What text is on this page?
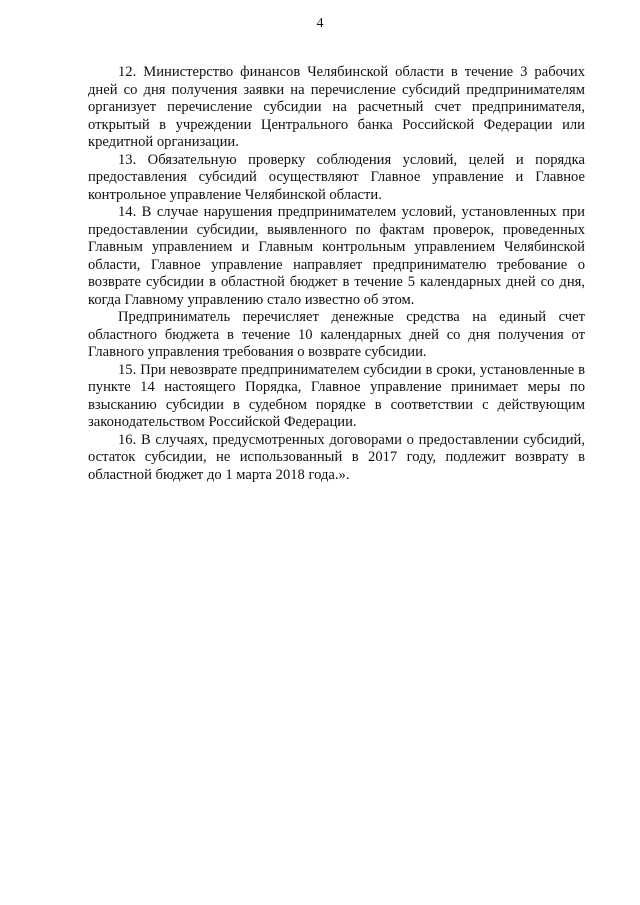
4

12. Министерство финансов Челябинской области в течение 3 рабочих дней со дня получения заявки на перечисление субсидий предпринимателям организует перечисление субсидии на расчетный счет предпринимателя, открытый в учреждении Центрального банка Российской Федерации или кредитной организации.

13. Обязательную проверку соблюдения условий, целей и порядка предоставления субсидий осуществляют Главное управление и Главное контрольное управление Челябинской области.

14. В случае нарушения предпринимателем условий, установленных при предоставлении субсидии, выявленного по фактам проверок, проведенных Главным управлением и Главным контрольным управлением Челябинской области, Главное управление направляет предпринимателю требование о возврате субсидии в областной бюджет в течение 5 календарных дней со дня, когда Главному управлению стало известно об этом.

Предприниматель перечисляет денежные средства на единый счет областного бюджета в течение 10 календарных дней со дня получения от Главного управления требования о возврате субсидии.

15. При невозврате предпринимателем субсидии в сроки, установленные в пункте 14 настоящего Порядка, Главное управление принимает меры по взысканию субсидии в судебном порядке в соответствии с действующим законодательством Российской Федерации.

16. В случаях, предусмотренных договорами о предоставлении субсидий, остаток субсидии, не использованный в 2017 году, подлежит возврату в областной бюджет до 1 марта 2018 года.».
